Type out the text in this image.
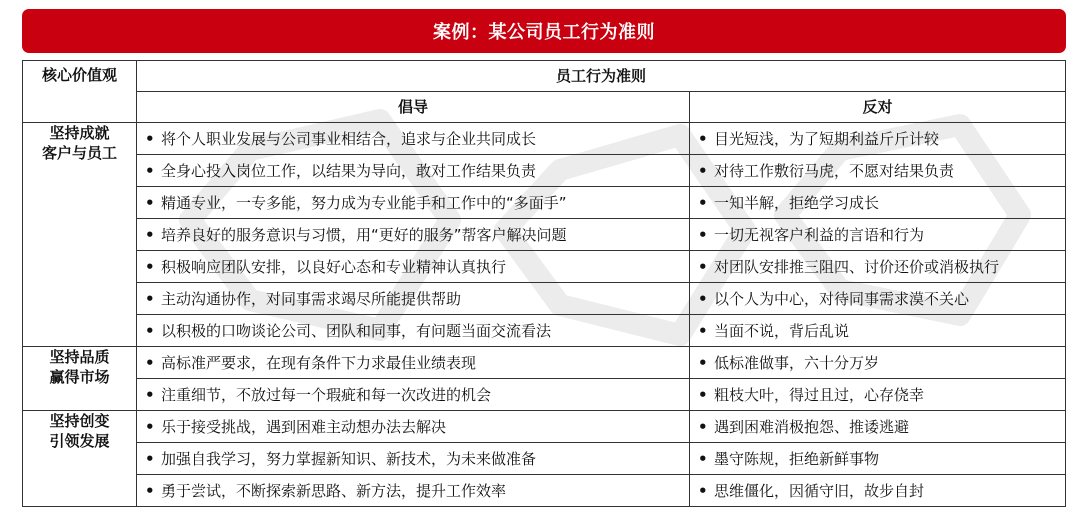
案例：某公司员工行为准则
核心价值观	员工行为准则	
	倡导	反对

坚持成就
客户与员工	• 将个人职业发展与公司事业相结合，追求与企业共同成长	• 目光短浅，为了短期利益斤斤计较
	• 全身心投入岗位工作，以结果为导向，敢对工作结果负责	• 对待工作敷衍马虎，不愿对结果负责
	• 精通专业，一专多能，努力成为专业能手和工作中的“多面手”	• 一知半解，拒绝学习成长
	• 培养良好的服务意识与习惯，用“更好的服务”帮客户解决问题	• 一切无视客户利益的言语和行为
	• 积极响应团队安排，以良好心态和专业精神认真执行	• 对团队安排推三阻四、讨价还价或消极执行
	• 主动沟通协作，对同事需求竭尽所能提供帮助	• 以个人为中心，对待同事需求漠不关心
	• 以积极的口吻谈论公司、团队和同事，有问题当面交流看法	• 当面不说，背后乱说

坚持品质
赢得市场	• 高标准严要求，在现有条件下力求最佳业绩表现	• 低标准做事，六十分万岁
	• 注重细节，不放过每一个瑕疵和每一次改进的机会	• 粗枝大叶，得过且过，心存侥幸

坚持创变
引领发展	• 乐于接受挑战，遇到困难主动想办法去解决	• 遇到困难消极抱怨、推诿逃避
	• 加强自我学习，努力掌握新知识、新技术，为未来做准备	• 墨守陈规，拒绝新鲜事物
	• 勇于尝试，不断探索新思路、新方法，提升工作效率	• 思维僵化，因循守旧，故步自封
